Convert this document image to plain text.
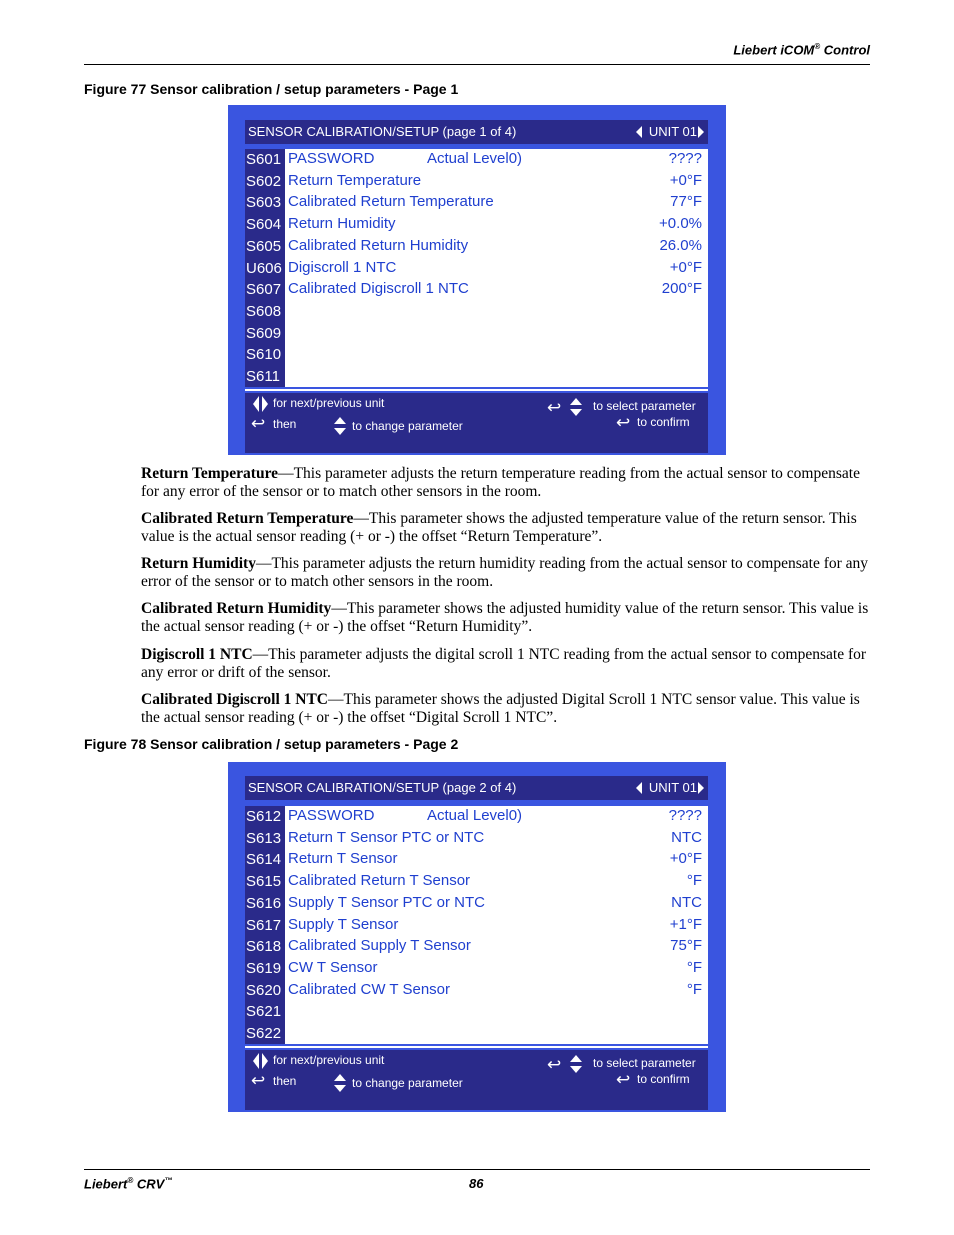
Liebert iCOM® Control
Figure 77 Sensor calibration / setup parameters - Page 1
SENSOR CALIBRATION/SETUP (page 1 of 4)	UNIT 01
S601 PASSWORD	Actual Level0)	????
S602 Return Temperature	+0°F
S603 Calibrated Return Temperature	77°F
S604 Return Humidity	+0.0%
S605 Calibrated Return Humidity	26.0%
U606 Digiscroll 1 NTC	+0°F
S607 Calibrated Digiscroll 1 NTC	200°F
S608
S609
S610
S611
for next/previous unit
↩ then	to change parameter
↩	to select parameter
↩ to confirm
Return Temperature—This parameter adjusts the return temperature reading from the actual sensor to compensate for any error of the sensor or to match other sensors in the room.
Calibrated Return Temperature—This parameter shows the adjusted temperature value of the return sensor. This value is the actual sensor reading (+ or -) the offset “Return Temperature”.
Return Humidity—This parameter adjusts the return humidity reading from the actual sensor to compensate for any error of the sensor or to match other sensors in the room.
Calibrated Return Humidity—This parameter shows the adjusted humidity value of the return sensor. This value is the actual sensor reading (+ or -) the offset “Return Humidity”.
Digiscroll 1 NTC—This parameter adjusts the digital scroll 1 NTC reading from the actual sensor to compensate for any error or drift of the sensor.
Calibrated Digiscroll 1 NTC—This parameter shows the adjusted Digital Scroll 1 NTC sensor value. This value is the actual sensor reading (+ or -) the offset “Digital Scroll 1 NTC”.
Figure 78 Sensor calibration / setup parameters - Page 2
SENSOR CALIBRATION/SETUP (page 2 of 4)	UNIT 01
S612 PASSWORD	Actual Level0)	????
S613 Return T Sensor PTC or NTC	NTC
S614 Return T Sensor	+0°F
S615 Calibrated Return T Sensor	°F
S616 Supply T Sensor PTC or NTC	NTC
S617 Supply T Sensor	+1°F
S618 Calibrated Supply T Sensor	75°F
S619 CW T Sensor	°F
S620 Calibrated CW T Sensor	°F
S621
S622
for next/previous unit
↩ then	to change parameter
↩	to select parameter
↩ to confirm
Liebert® CRV™	86
